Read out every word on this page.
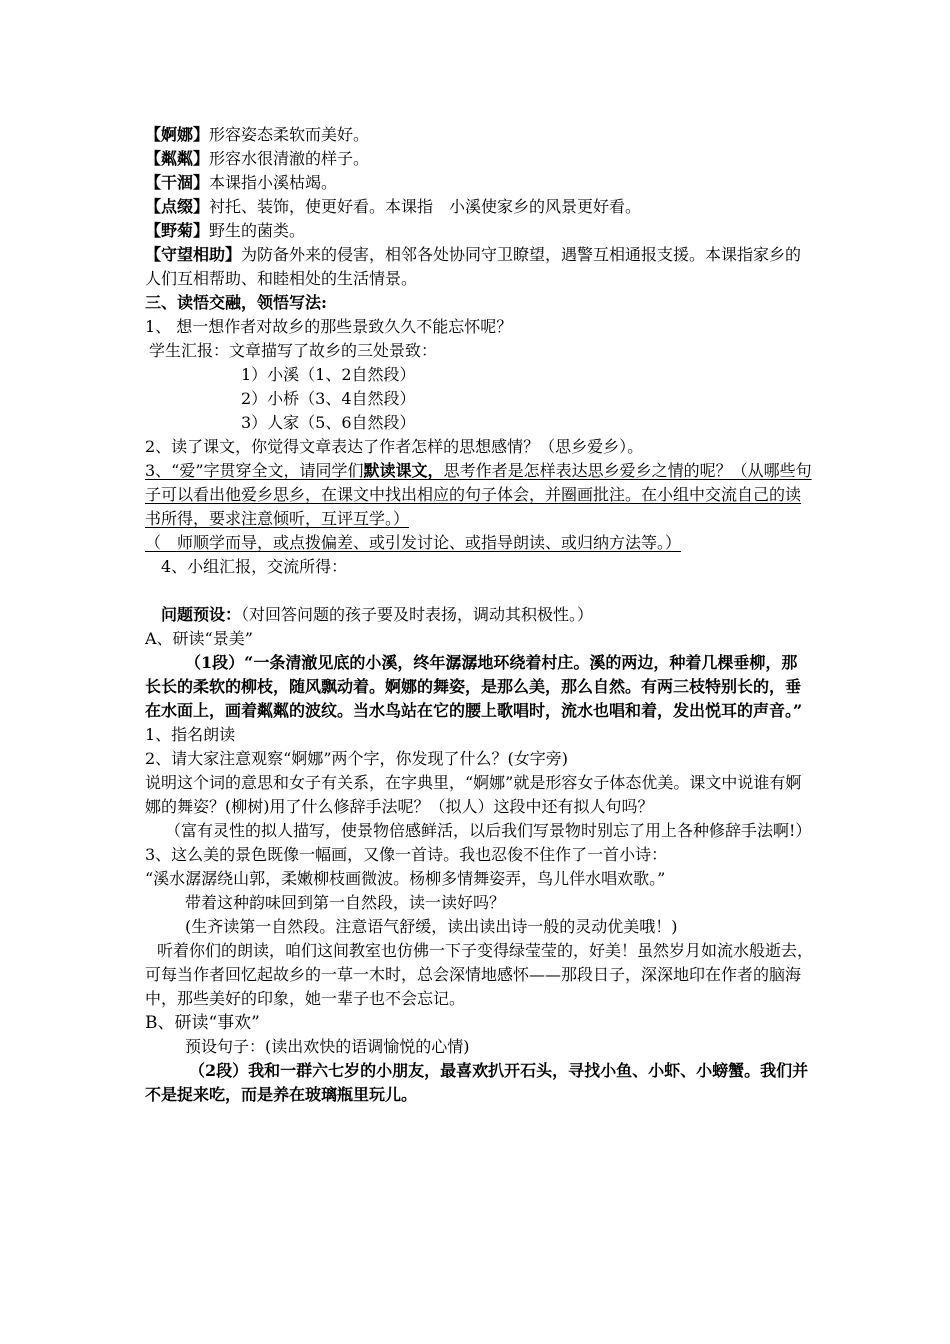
【婀娜】形容姿态柔软而美好。

【粼粼】形容水很清澈的样子。

【干涸】本课指小溪枯竭。

【点缀】衬托、装饰，使更好看。本课指　小溪使家乡的风景更好看。

【野菊】野生的菌类。

【守望相助】为防备外来的侵害，相邻各处协同守卫瞭望，遇警互相通报支援。本课指家乡的人们互相帮助、和睦相处的生活情景。

三、读悟交融，领悟写法:

1、 想一想作者对故乡的那些景致久久不能忘怀呢？

学生汇报：文章描写了故乡的三处景致：

1）小溪（1、2自然段）

2）小桥（3、4自然段）

3）人家（5、6自然段）

2、读了课文，你觉得文章表达了作者怎样的思想感情？（思乡爱乡）。

3、“爱”字贯穿全文，请同学们默读课文，思考作者是怎样表达思乡爱乡之情的呢？（从哪些句子可以看出他爱乡思乡，在课文中找出相应的句子体会，并圈画批注。在小组中交流自己的读书所得，要求注意倾听，互评互学。）

（　师顺学而导，或点拨偏差、或引发讨论、或指导朗读、或归纳方法等。）

4、小组汇报，交流所得：

问题预设：（对回答问题的孩子要及时表扬，调动其积极性。）

A、研读“景美”

（1段）“一条清澈见底的小溪，终年潺潺地环绕着村庄。溪的两边，种着几棵垂柳，那长长的柔软的柳枝，随风飘动着。婀娜的舞姿，是那么美，那么自然。有两三枝特别长的，垂在水面上，画着粼粼的波纹。当水鸟站在它的腰上歌唱时，流水也唱和着，发出悦耳的声音。”

1、指名朗读

2、请大家注意观察“婀娜”两个字，你发现了什么？(女字旁)

说明这个词的意思和女子有关系，在字典里，“婀娜”就是形容女子体态优美。课文中说谁有婀娜的舞姿？(柳树)用了什么修辞手法呢？（拟人）这段中还有拟人句吗？

（富有灵性的拟人描写，使景物倍感鲜活，以后我们写景物时别忘了用上各种修辞手法啊!）

3、这么美的景色既像一幅画，又像一首诗。我也忍俊不住作了一首小诗：

“溪水潺潺绕山郭，柔嫩柳枝画微波。杨柳多情舞姿弄，鸟儿伴水唱欢歌。”

带着这种韵味回到第一自然段，读一读好吗？

(生齐读第一自然段。注意语气舒缓，读出读出诗一般的灵动优美哦！)

听着你们的朗读，咱们这间教室也仿佛一下子变得绿莹莹的，好美！虽然岁月如流水般逝去，可每当作者回忆起故乡的一草一木时，总会深情地感怀——那段日子，深深地印在作者的脑海中，那些美好的印象，她一辈子也不会忘记。

B、研读“事欢”

预设句子：(读出欢快的语调愉悦的心情)

（2段）我和一群六七岁的小朋友，最喜欢扒开石头，寻找小鱼、小虾、小螃蟹。我们并不是捉来吃，而是养在玻璃瓶里玩儿。
